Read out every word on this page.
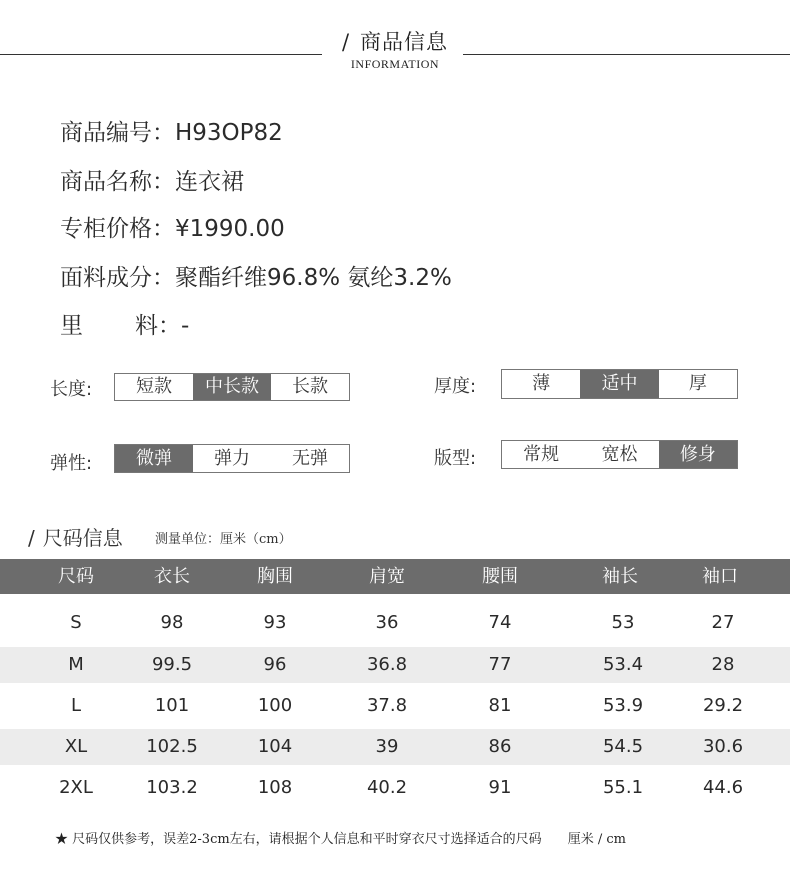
/ 商品信息
INFORMATION
商品编号：H93OP82
商品名称：连衣裙
专柜价格：¥1990.00
面料成分：聚酯纤维96.8% 氨纶3.2%
里 料：-
长度:	短款	中长款	长款	厚度:	薄	适中	厚
弹性:	微弹	弹力	无弹	版型:	常规	宽松	修身
/ 尺码信息 测量单位：厘米（cm）
尺码	衣长	胸围	肩宽	腰围	袖长	袖口
S	98	93	36	74	53	27
M	99.5	96	36.8	77	53.4	28
L	101	100	37.8	81	53.9	29.2
XL	102.5	104	39	86	54.5	30.6
2XL	103.2	108	40.2	91	55.1	44.6
★ 尺码仅供参考，误差2-3cm左右，请根据个人信息和平时穿衣尺寸选择适合的尺码 厘米 / cm
